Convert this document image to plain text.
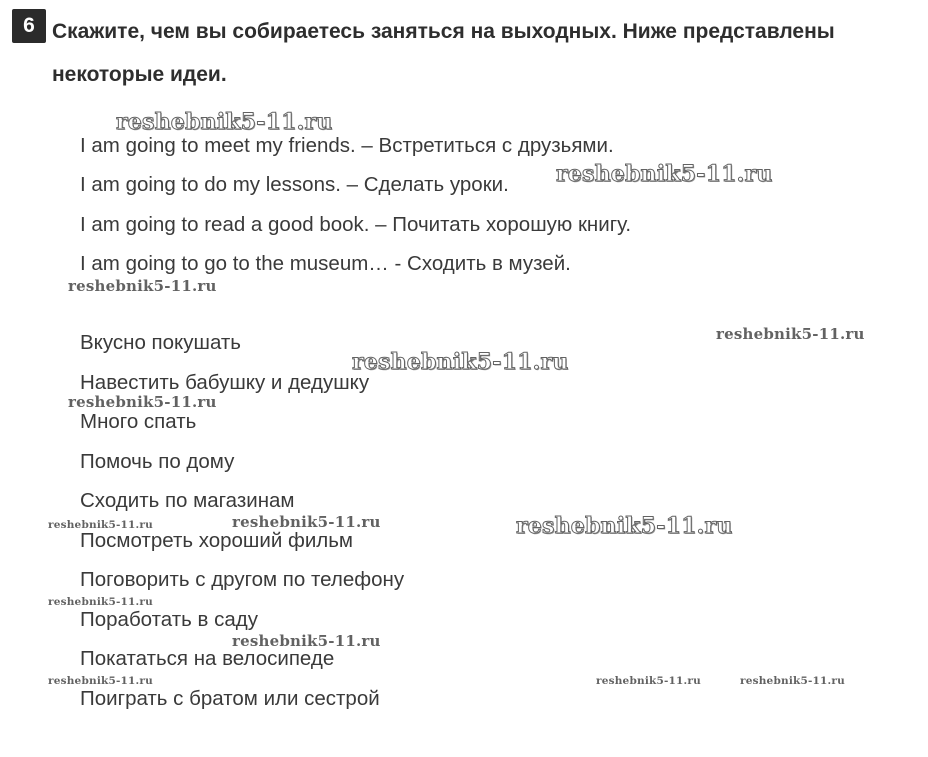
6 Скажите, чем вы собираетесь заняться на выходных. Ниже представлены некоторые идеи.

I am going to meet my friends. – Встретиться с друзьями.
I am going to do my lessons. – Сделать уроки.
I am going to read a good book. – Почитать хорошую книгу.
I am going to go to the museum… - Сходить в музей.
Вкусно покушать
Навестить бабушку и дедушку
Много спать
Помочь по дому
Сходить по магазинам
Посмотреть хороший фильм
Поговорить с другом по телефону
Поработать в саду
Покататься на велосипеде
Поиграть с братом или сестрой
reshebnik5-11.ru
reshebnik5-11.ru
reshebnik5-11.ru
reshebnik5-11.ru
reshebnik5-11.ru
reshebnik5-11.ru
reshebnik5-11.ru	reshebnik5-11.ru	reshebnik5-11.ru
reshebnik5-11.ru
reshebnik5-11.ru
reshebnik5-11.ru	reshebnik5-11.ru	reshebnik5-11.ru
